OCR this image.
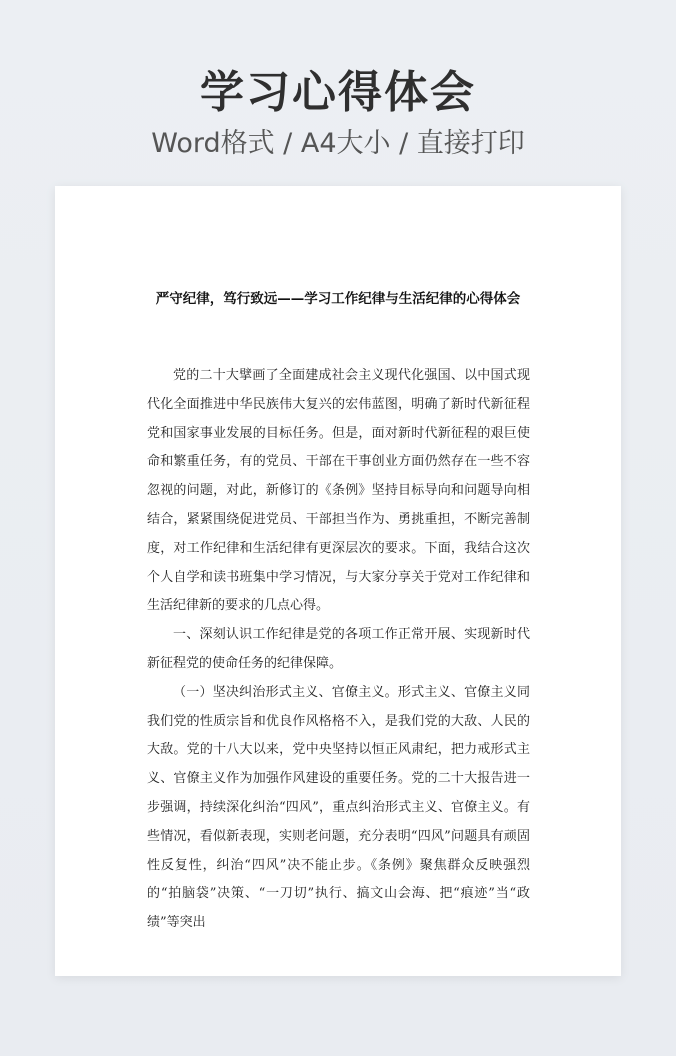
学习心得体会
Word格式 / A4大小 / 直接打印
严守纪律，笃行致远——学习工作纪律与生活纪律的心得体会

党的二十大擘画了全面建成社会主义现代化强国、以中国式现代化全面推进中华民族伟大复兴的宏伟蓝图，明确了新时代新征程党和国家事业发展的目标任务。但是，面对新时代新征程的艰巨使命和繁重任务，有的党员、干部在干事创业方面仍然存在一些不容忽视的问题，对此，新修订的《条例》坚持目标导向和问题导向相结合，紧紧围绕促进党员、干部担当作为、勇挑重担，不断完善制度，对工作纪律和生活纪律有更深层次的要求。下面，我结合这次个人自学和读书班集中学习情况，与大家分享关于党对工作纪律和生活纪律新的要求的几点心得。

一、深刻认识工作纪律是党的各项工作正常开展、实现新时代新征程党的使命任务的纪律保障。

（一）坚决纠治形式主义、官僚主义。形式主义、官僚主义同我们党的性质宗旨和优良作风格格不入，是我们党的大敌、人民的大敌。党的十八大以来，党中央坚持以恒正风肃纪，把力戒形式主义、官僚主义作为加强作风建设的重要任务。党的二十大报告进一步强调，持续深化纠治“四风”，重点纠治形式主义、官僚主义。有些情况，看似新表现，实则老问题，充分表明“四风”问题具有顽固性反复性，纠治“四风”决不能止步。《条例》聚焦群众反映强烈的“拍脑袋”决策、“一刀切”执行、搞文山会海、把“痕迹”当“政绩”等突出
